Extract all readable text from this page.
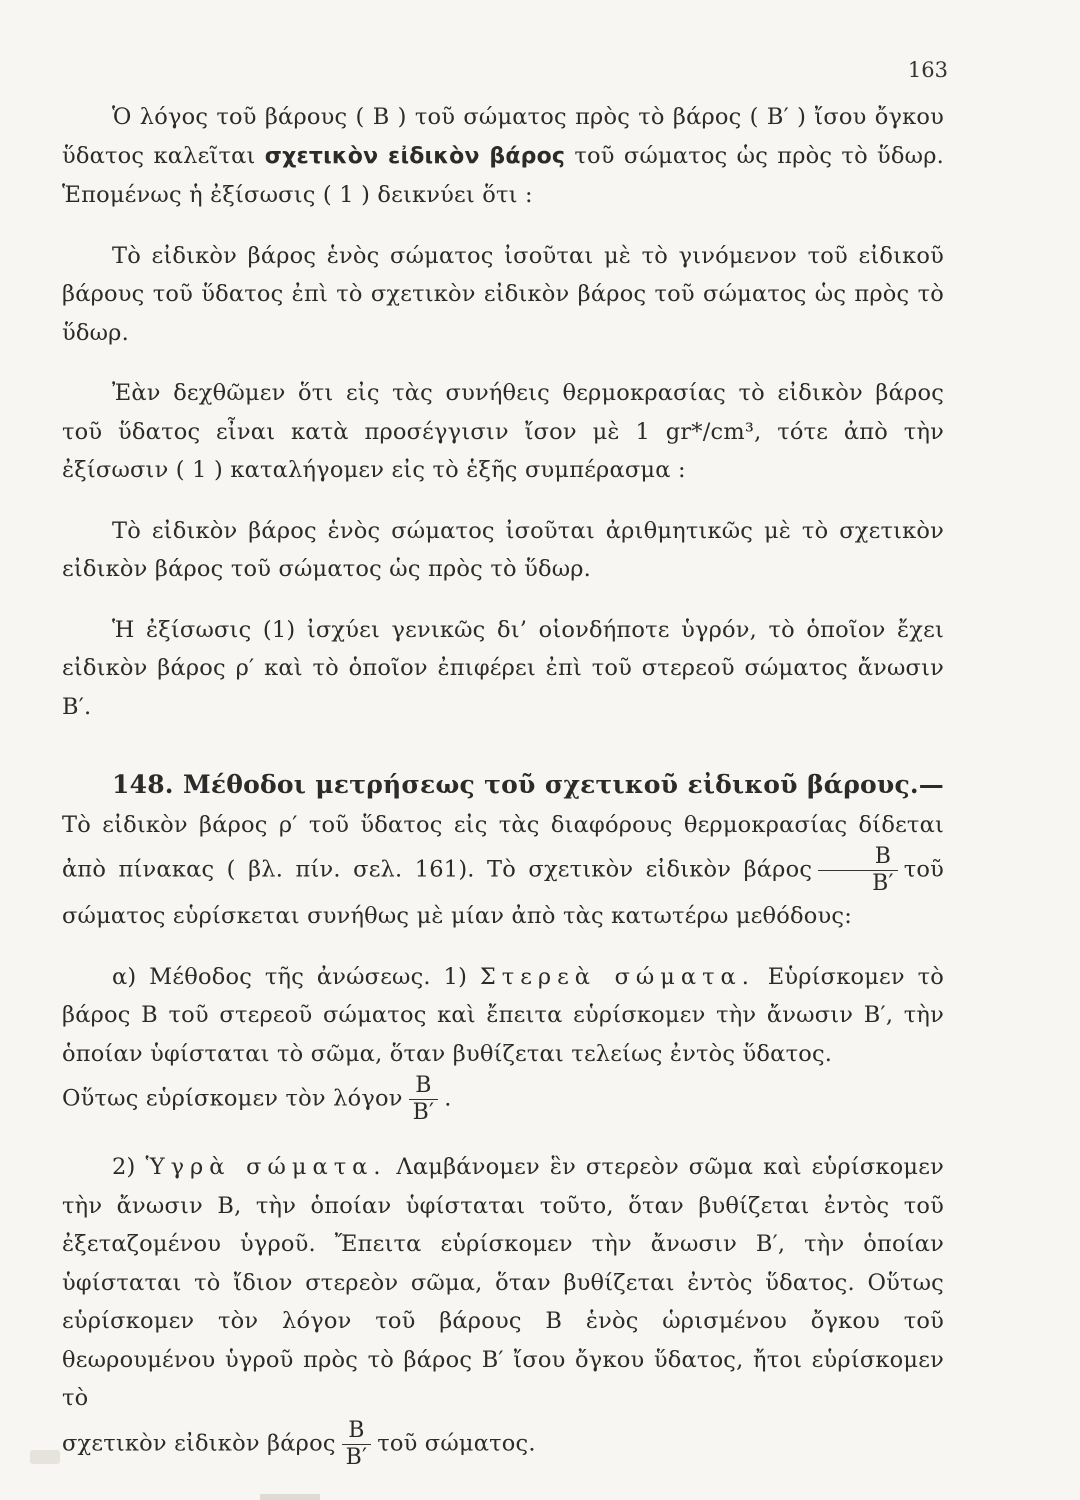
163

Ὁ λόγος τοῦ βάρους ( Β ) τοῦ σώματος πρὸς τὸ βάρος ( Β′ ) ἴσου ὄγκου ὕδατος καλεῖται σχετικὸν εἰδικὸν βάρος τοῦ σώματος ὡς πρὸς τὸ ὕδωρ. Ἑπομένως ἡ ἐξίσωσις ( 1 ) δεικνύει ὅτι :

Τὸ εἰδικὸν βάρος ἑνὸς σώματος ἰσοῦται μὲ τὸ γινόμενον τοῦ εἰδικοῦ βάρους τοῦ ὕδατος ἐπὶ τὸ σχετικὸν εἰδικὸν βάρος τοῦ σώματος ὡς πρὸς τὸ ὕδωρ.

Ἐὰν δεχθῶμεν ὅτι εἰς τὰς συνήθεις θερμοκρασίας τὸ εἰδικὸν βάρος τοῦ ὕδατος εἶναι κατὰ προσέγγισιν ἴσον μὲ 1 gr*/cm³, τότε ἀπὸ τὴν ἐξίσωσιν ( 1 ) καταλήγομεν εἰς τὸ ἑξῆς συμπέρασμα :

Τὸ εἰδικὸν βάρος ἑνὸς σώματος ἰσοῦται ἀριθμητικῶς μὲ τὸ σχετικὸν εἰδικὸν βάρος τοῦ σώματος ὡς πρὸς τὸ ὕδωρ.

Ἡ ἐξίσωσις (1) ἰσχύει γενικῶς δι’ οἱονδήποτε ὑγρόν, τὸ ὁποῖον ἔχει εἰδικὸν βάρος ρ′ καὶ τὸ ὁποῖον ἐπιφέρει ἐπὶ τοῦ στερεοῦ σώματος ἄνωσιν Β′.

148. Μέθοδοι μετρήσεως τοῦ σχετικοῦ εἰδικοῦ βάρους.— Τὸ εἰδικὸν βάρος ρ′ τοῦ ὕδατος εἰς τὰς διαφόρους θερμοκρασίας δίδεται ἀπὸ πίνακας ( βλ. πίν. σελ. 161). Τὸ σχετικὸν εἰδικὸν βάρος $\frac{B}{B'}$ τοῦ σώματος εὑρίσκεται συνήθως μὲ μίαν ἀπὸ τὰς κατωτέρω μεθόδους:

α) Μέθοδος τῆς ἀνώσεως. 1) Στερεὰ σώματα. Εὑρίσκομεν τὸ βάρος Β τοῦ στερεοῦ σώματος καὶ ἔπειτα εὑρίσκομεν τὴν ἄνωσιν Β′, τὴν ὁποίαν ὑφίσταται τὸ σῶμα, ὅταν βυθίζεται τελείως ἐντὸς ὕδατος.

Οὕτως εὑρίσκομεν τὸν λόγον $\frac{B}{B'}$ .

2) Ὑγρὰ σώματα. Λαμβάνομεν ἓν στερεὸν σῶμα καὶ εὑρίσκομεν τὴν ἄνωσιν Β, τὴν ὁποίαν ὑφίσταται τοῦτο, ὅταν βυθίζεται ἐντὸς τοῦ ἐξεταζομένου ὑγροῦ. Ἔπειτα εὑρίσκομεν τὴν ἄνωσιν Β′, τὴν ὁποίαν ὑφίσταται τὸ ἴδιον στερεὸν σῶμα, ὅταν βυθίζεται ἐντὸς ὕδατος. Οὕτως εὑρίσκομεν τὸν λόγον τοῦ βάρους Β ἑνὸς ὡρισμένου ὄγκου τοῦ θεωρουμένου ὑγροῦ πρὸς τὸ βάρος Β′ ἴσου ὄγκου ὕδατος, ἤτοι εὑρίσκομεν τὸ

σχετικὸν εἰδικὸν βάρος $\frac{B}{B'}$ τοῦ σώματος.
